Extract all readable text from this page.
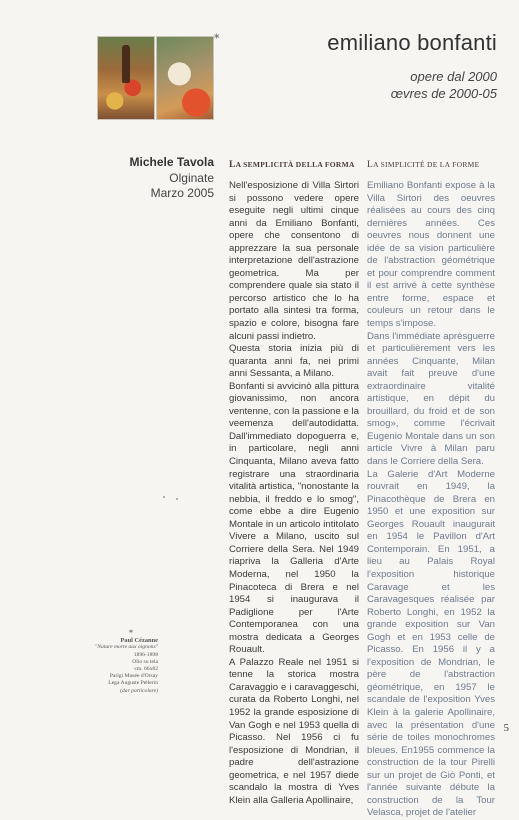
*	emiliano bonfanti
opere dal 2000
œvres de 2000-05
Michele Tavola
Olginate
Marzo 2005
LA SEMPLICITÀ DELLA FORMA LA SIMPLICITÉ DE LA FORME

Nell'esposizione di Villa Sirtori si possono vedere opere eseguite negli ultimi cinque anni da Emiliano Bonfanti, opere che consentono di apprezzare la sua personale interpretazione dell'astrazione geometrica. Ma per comprendere quale sia stato il percorso artistico che lo ha portato alla sintesi tra forma, spazio e colore, bisogna fare alcuni passi indietro.

Questa storia inizia più di quaranta anni fa, nei primi anni Sessanta, a Milano.

Bonfanti si avvicinò alla pittura giovanissimo, non ancora ventenne, con la passione e la veemenza dell'autodidatta. Dall'immediato dopoguerra e, in particolare, negli anni Cinquanta, Milano aveva fatto registrare una straordinaria vitalità artistica, "nonostante la nebbia, il freddo e lo smog", come ebbe a dire Eugenio Montale in un articolo intitolato Vivere a Milano, uscito sul Corriere della Sera. Nel 1949 riapriva la Galleria d'Arte Moderna, nel 1950 la Pinacoteca di Brera e nel 1954 si inaugurava il Padiglione per l'Arte Contemporanea con una mostra dedicata a Georges Rouault.

A Palazzo Reale nel 1951 si tenne la storica mostra Caravaggio e i caravaggeschi, curata da Roberto Longhi, nel 1952 la grande esposizione di Van Gogh e nel 1953 quella di Picasso. Nel 1956 ci fu l'esposizione di Mondrian, il padre dell'astrazione geometrica, e nel 1957 diede scandalo la mostra di Yves Klein alla Galleria Apollinaire,

Emiliano Bonfanti expose à la Villa Sirtori des oeuvres réalisées au cours des cinq dernières années. Ces oeuvres nous donnent une idée de sa vision particulière de l'abstraction géométrique et pour comprendre comment il est arrivé à cette synthèse entre forme, espace et couleurs un retour dans le temps s'impose.

Dans l'immédiate aprèsguerre et particulièrement vers les années Cinquante, Milan avait fait preuve d'une extraordinaire vitalité artistique, en dépit du brouillard, du froid et de son smog», comme l'écrivait Eugenio Montale dans un son article Vivre à Milan paru dans le Corriere della Sera.

La Galerie d'Art Moderne rouvrait en 1949, la Pinacothèque de Brera en 1950 et une exposition sur Georges Rouault inaugurait en 1954 le Pavillon d'Art Contemporain. En 1951, a lieu au Palais Royal l'exposition historique Caravage et les Caravagesques réalisée par Roberto Longhi, en 1952 la grande exposition sur Van Gogh et en 1953 celle de Picasso. En 1956 il y a l'exposition de Mondrian, le père de l'abstraction géométrique, en 1957 le scandale de l'exposition Yves Klein à la galerie Apollinaire, avec la présentation d'une série de toiles monochromes bleues. En1955 commence la construction de la tour Pirelli sur un projet de Giò Ponti, et l'année suivante débute la construction de la Tour Velasca, projet de l'atelier

*
Paul Cézanne
"Nature morte aux oignons"
1896-1898
Olio su tela
cm. 66x82
Parigi Musée d'Orsay
Lega Auguste Pellerin
(dar particolare)
5
